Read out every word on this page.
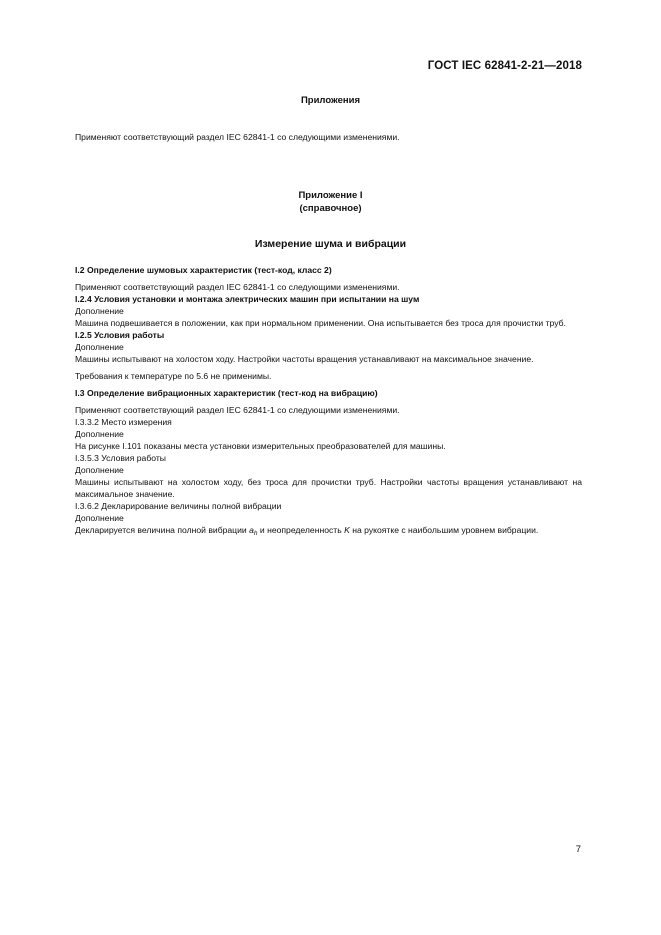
ГОСТ IEC 62841-2-21—2018
Приложения
Применяют соответствующий раздел IEC 62841-1 со следующими изменениями.
Приложение I
(справочное)
Измерение шума и вибрации

I.2 Определение шумовых характеристик (тест-код, класс 2)

Применяют соответствующий раздел IEC 62841-1 со следующими изменениями.

I.2.4 Условия установки и монтажа электрических машин при испытании на шум

Дополнение

Машина подвешивается в положении, как при нормальном применении. Она испытывается без троса для прочистки труб.

I.2.5 Условия работы

Дополнение

Машины испытывают на холостом ходу. Настройки частоты вращения устанавливают на максимальное значение.

Требования к температуре по 5.6 не применимы.

I.3 Определение вибрационных характеристик (тест-код на вибрацию)

Применяют соответствующий раздел IEC 62841-1 со следующими изменениями.

I.3.3.2 Место измерения

Дополнение

На рисунке I.101 показаны места установки измерительных преобразователей для машины.

I.3.5.3 Условия работы

Дополнение

Машины испытывают на холостом ходу, без троса для прочистки труб. Настройки частоты вращения устанавливают на максимальное значение.

I.3.6.2 Декларирование величины полной вибрации

Дополнение

Декларируется величина полной вибрации $a_h$ и неопределенность K на рукоятке с наибольшим уровнем вибрации.

7
